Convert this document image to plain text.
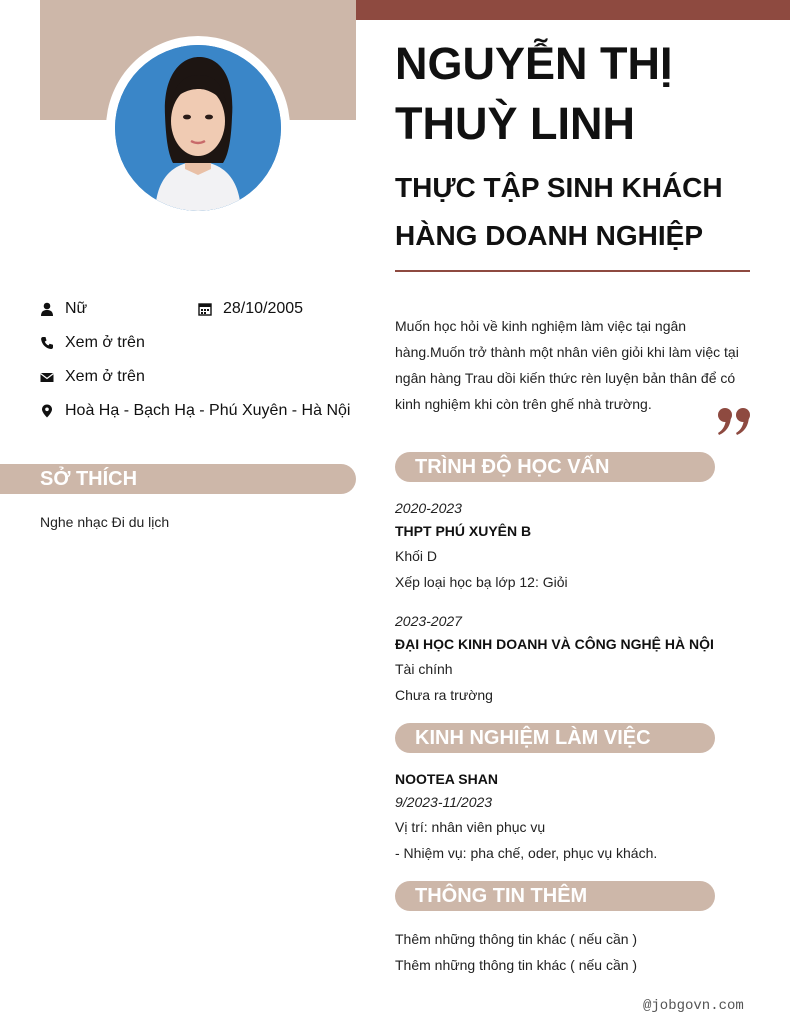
NGUYỄN THỊ THUỲ LINH
THỰC TẬP SINH KHÁCH HÀNG DOANH NGHIỆP
Nữ	28/10/2005
Xem ở trên
Xem ở trên
Hoà Hạ - Bạch Hạ - Phú Xuyên - Hà Nội
SỞ THÍCH
Nghe nhạc Đi du lịch

Muốn học hỏi về kinh nghiệm làm việc tại ngân hàng.Muốn trở thành một nhân viên giỏi khi làm việc tại ngân hàng Trau dồi kiến thức rèn luyện bản thân để có kinh nghiệm khi còn trên ghế nhà trường.

TRÌNH ĐỘ HỌC VẤN
2020-2023
THPT PHÚ XUYÊN B
Khối D
Xếp loại học bạ lớp 12: Giỏi
2023-2027
ĐẠI HỌC KINH DOANH VÀ CÔNG NGHỆ HÀ NỘI
Tài chính
Chưa ra trường
KINH NGHIỆM LÀM VIỆC
NOOTEA SHAN
9/2023-11/2023
Vị trí: nhân viên phục vụ
- Nhiệm vụ: pha chế, oder, phục vụ khách.
THÔNG TIN THÊM
Thêm những thông tin khác ( nếu cần )
Thêm những thông tin khác ( nếu cần )
@jobgovn.com
